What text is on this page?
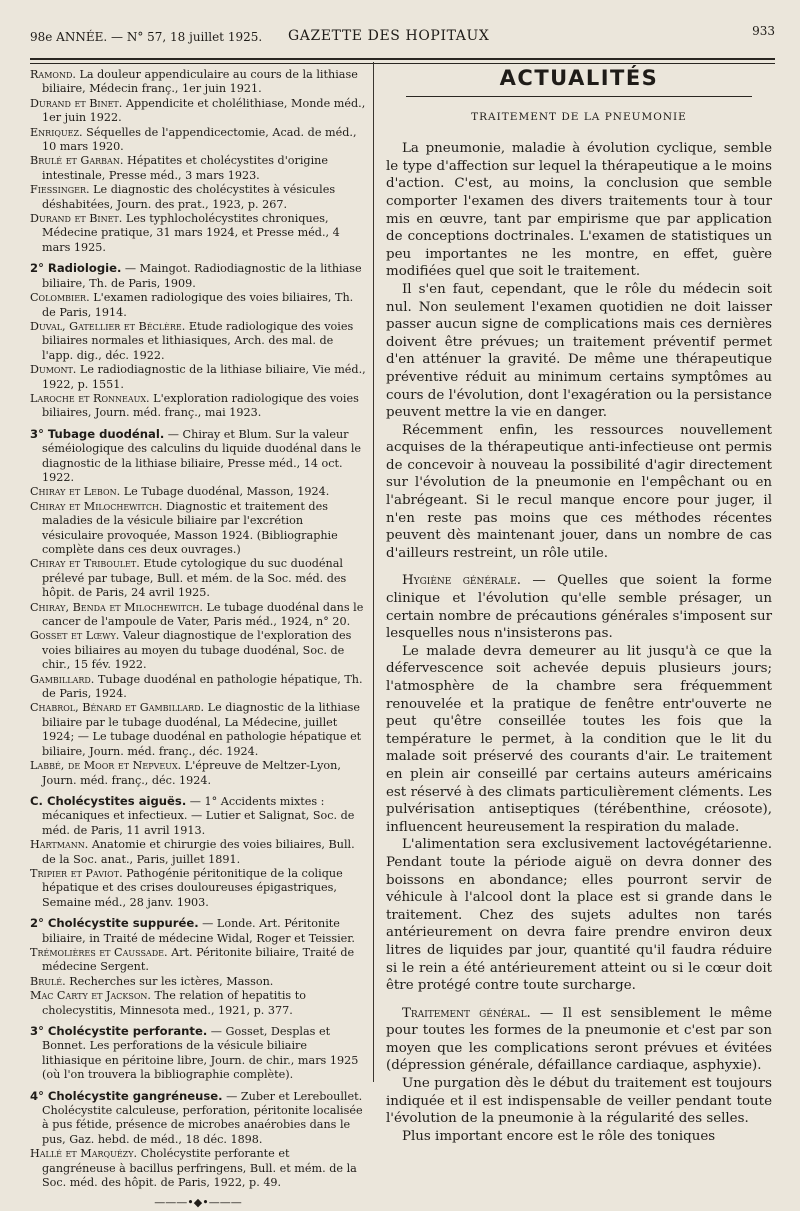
98e ANNÉE. — N° 57, 18 juillet 1925. GAZETTE DES HOPITAUX	933
Ramond. La douleur appendiculaire au cours de la lithiase biliaire, Médecin franç., 1er juin 1921.
Durand et Binet. Appendicite et cholélithiase, Monde méd., 1er juin 1922.
Enriquez. Séquelles de l'appendicectomie, Acad. de méd., 10 mars 1920.
Brulé et Garban. Hépatites et cholécystites d'origine intestinale, Presse méd., 3 mars 1923.
Fiessinger. Le diagnostic des cholécystites à vésicules déshabitées, Journ. des prat., 1923, p. 267.
Durand et Binet. Les typhlocholécystites chroniques, Médecine pratique, 31 mars 1924, et Presse méd., 4 mars 1925.
2° Radiologie. — Maingot. Radiodiagnostic de la lithiase biliaire, Th. de Paris, 1909.
Colombier. L'examen radiologique des voies biliaires, Th. de Paris, 1914.
Duval, Gatellier et Béclère. Etude radiologique des voies biliaires normales et lithiasiques, Arch. des mal. de l'app. dig., déc. 1922.
Dumont. Le radiodiagnostic de la lithiase biliaire, Vie méd., 1922, p. 1551.
Laroche et Ronneaux. L'exploration radiologique des voies biliaires, Journ. méd. franç., mai 1923.
3° Tubage duodénal. — Chiray et Blum. Sur la valeur séméiologique des calculins du liquide duodénal dans le diagnostic de la lithiase biliaire, Presse méd., 14 oct. 1922.
Chiray et Lebon. Le Tubage duodénal, Masson, 1924.
Chiray et Milochewitch. Diagnostic et traitement des maladies de la vésicule biliaire par l'excrétion vésiculaire provoquée, Masson 1924. (Bibliographie complète dans ces deux ouvrages.)
Chiray et Triboulet. Etude cytologique du suc duodénal prélevé par tubage, Bull. et mém. de la Soc. méd. des hôpit. de Paris, 24 avril 1925.
Chiray, Benda et Milochewitch. Le tubage duodénal dans le cancer de l'ampoule de Vater, Paris méd., 1924, n° 20.
Gosset et Lœwy. Valeur diagnostique de l'exploration des voies biliaires au moyen du tubage duodénal, Soc. de chir., 15 fév. 1922.
Gambillard. Tubage duodénal en pathologie hépatique, Th. de Paris, 1924.
Chabrol, Bénard et Gambillard. Le diagnostic de la lithiase biliaire par le tubage duodénal, La Médecine, juillet 1924; — Le tubage duodénal en pathologie hépatique et biliaire, Journ. méd. franç., déc. 1924.
Labbé, de Moor et Nepveux. L'épreuve de Meltzer-Lyon, Journ. méd. franç., déc. 1924.
C. Cholécystites aiguës. — 1° Accidents mixtes : mécaniques et infectieux. — Lutier et Salignat, Soc. de méd. de Paris, 11 avril 1913.
Hartmann. Anatomie et chirurgie des voies biliaires, Bull. de la Soc. anat., Paris, juillet 1891.
Tripier et Paviot. Pathogénie péritonitique de la colique hépatique et des crises douloureuses épigastriques, Semaine méd., 28 janv. 1903.
2° Cholécystite suppurée. — Londe. Art. Péritonite biliaire, in Traité de médecine Widal, Roger et Teissier.
Trémolières et Caussade. Art. Péritonite biliaire, Traité de médecine Sergent.
Brulé. Recherches sur les ictères, Masson.
Mac Carty et Jackson. The relation of hepatitis to cholecystitis, Minnesota med., 1921, p. 377.
3° Cholécystite perforante. — Gosset, Desplas et Bonnet. Les perforations de la vésicule biliaire lithiasique en péritoine libre, Journ. de chir., mars 1925 (où l'on trouvera la bibliographie complète).
4° Cholécystite gangréneuse. — Zuber et Lereboullet. Cholécystite calculeuse, perforation, péritonite localisée à pus fétide, présence de microbes anaérobies dans le pus, Gaz. hebd. de méd., 18 déc. 1898.
Hallé et Marquézy. Cholécystite perforante et gangréneuse à bacillus perfringens, Bull. et mém. de la Soc. méd. des hôpit. de Paris, 1922, p. 49.
———•◆•———
ACTUALITÉS
TRAITEMENT DE LA PNEUMONIE

La pneumonie, maladie à évolution cyclique, semble le type d'affection sur lequel la thérapeutique a le moins d'action. C'est, au moins, la conclusion que semble comporter l'examen des divers traitements tour à tour mis en œuvre, tant par empirisme que par application de conceptions doctrinales. L'examen de statistiques un peu importantes ne les montre, en effet, guère modifiées quel que soit le traitement.

Il s'en faut, cependant, que le rôle du médecin soit nul. Non seulement l'examen quotidien ne doit laisser passer aucun signe de complications mais ces dernières doivent être prévues; un traitement préventif permet d'en atténuer la gravité. De même une thérapeutique préventive réduit au minimum certains symptômes au cours de l'évolution, dont l'exagération ou la persistance peuvent mettre la vie en danger.

Récemment enfin, les ressources nouvellement acquises de la thérapeutique anti-infectieuse ont permis de concevoir à nouveau la possibilité d'agir directement sur l'évolution de la pneumonie en l'empêchant ou en l'abrégeant. Si le recul manque encore pour juger, il n'en reste pas moins que ces méthodes récentes peuvent dès maintenant jouer, dans un nombre de cas d'ailleurs restreint, un rôle utile.

Hygiène générale. — Quelles que soient la forme clinique et l'évolution qu'elle semble présager, un certain nombre de précautions générales s'imposent sur lesquelles nous n'insisterons pas.

Le malade devra demeurer au lit jusqu'à ce que la défervescence soit achevée depuis plusieurs jours; l'atmosphère de la chambre sera fréquemment renouvelée et la pratique de fenêtre entr'ouverte ne peut qu'être conseillée toutes les fois que la température le permet, à la condition que le lit du malade soit préservé des courants d'air. Le traitement en plein air conseillé par certains auteurs américains est réservé à des climats particulièrement cléments. Les pulvérisation antiseptiques (térébenthine, créosote), influencent heureusement la respiration du malade.

L'alimentation sera exclusivement lactovégétarienne. Pendant toute la période aiguë on devra donner des boissons en abondance; elles pourront servir de véhicule à l'alcool dont la place est si grande dans le traitement. Chez des sujets adultes non tarés antérieurement on devra faire prendre environ deux litres de liquides par jour, quantité qu'il faudra réduire si le rein a été antérieurement atteint ou si le cœur doit être protégé contre toute surcharge.

Traitement général. — Il est sensiblement le même pour toutes les formes de la pneumonie et c'est par son moyen que les complications seront prévues et évitées (dépression générale, défaillance cardiaque, asphyxie).

Une purgation dès le début du traitement est toujours indiquée et il est indispensable de veiller pendant toute l'évolution de la pneumonie à la régularité des selles.

Plus important encore est le rôle des toniques
